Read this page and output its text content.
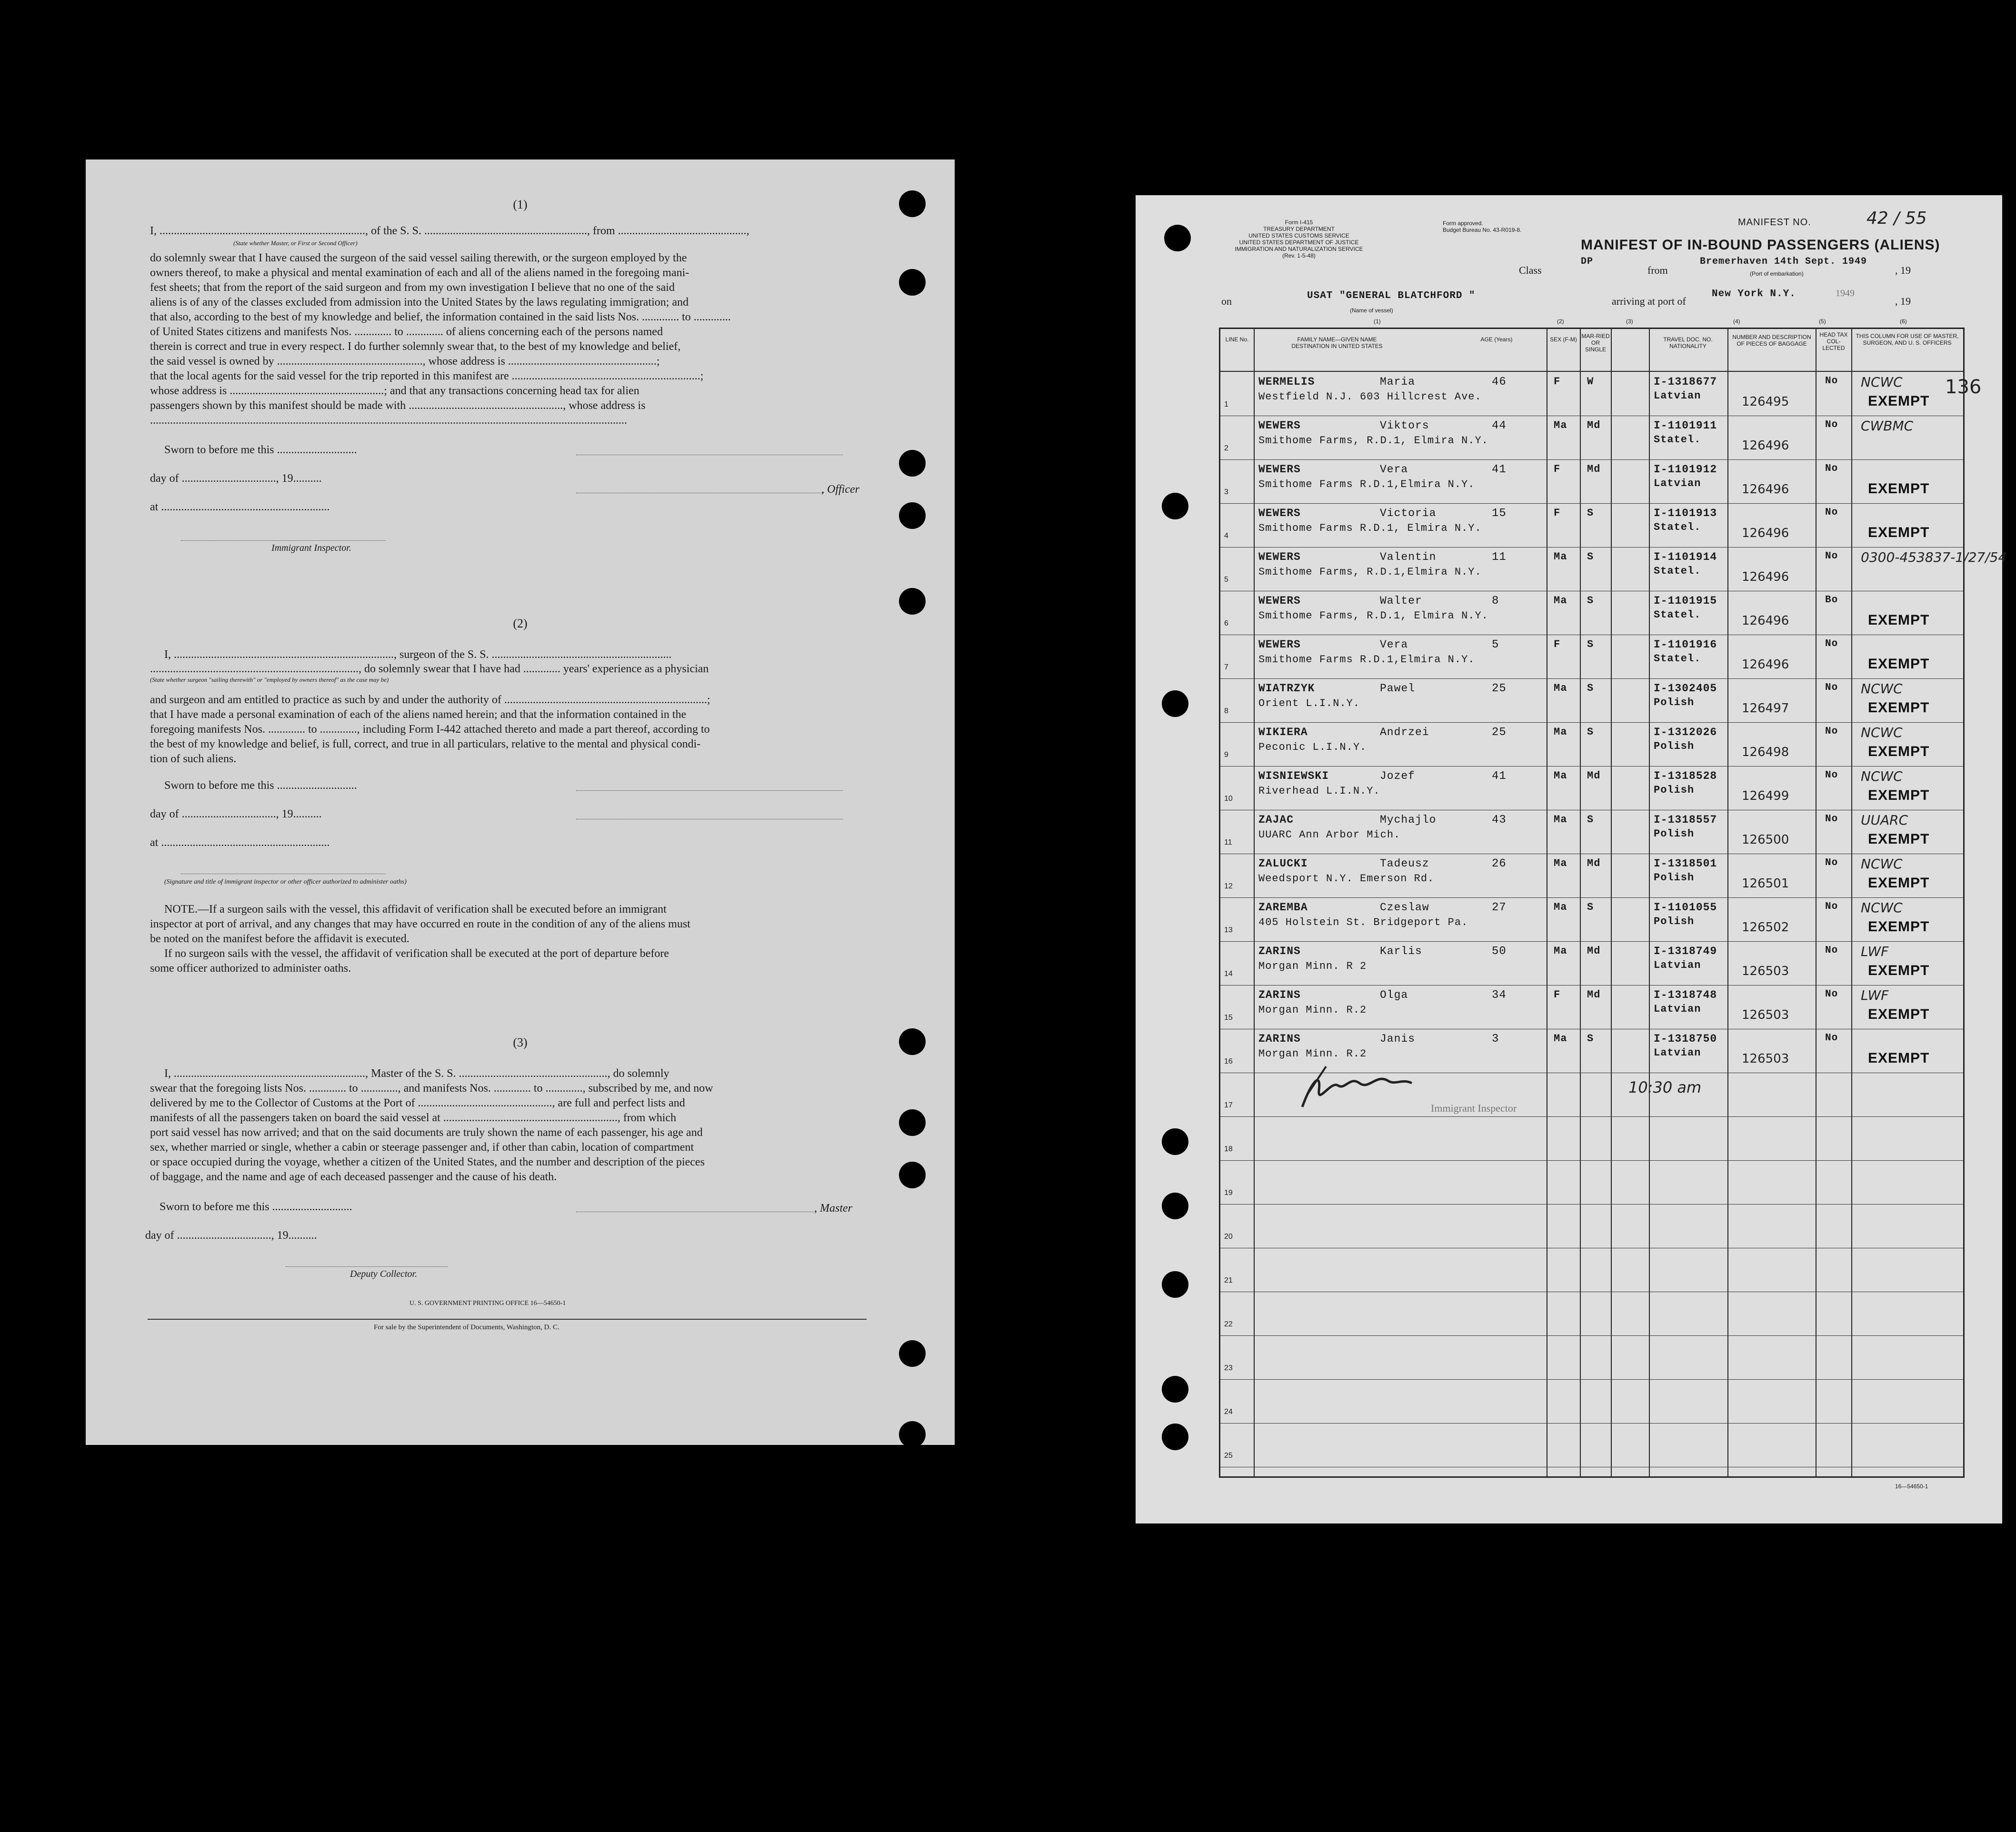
(1)
I, ........................................................................, of the S. S. ........................................................., from .............................................,
(State whether Master, or First or Second Officer)

do solemnly swear that I have caused the surgeon of the said vessel sailing therewith, or the surgeon employed by the

owners thereof, to make a physical and mental examination of each and all of the aliens named in the foregoing mani-

fest sheets; that from the report of the said surgeon and from my own investigation I believe that no one of the said

aliens is of any of the classes excluded from admission into the United States by the laws regulating immigration; and

that also, according to the best of my knowledge and belief, the information contained in the said lists Nos. ............. to .............

of United States citizens and manifests Nos. ............. to ............. of aliens concerning each of the persons named

therein is correct and true in every respect. I do further solemnly swear that, to the best of my knowledge and belief,

the said vessel is owned by ..................................................., whose address is ....................................................;

that the local agents for the said vessel for the trip reported in this manifest are ..................................................................;

whose address is ......................................................; and that any transactions concerning head tax for alien

passengers shown by this manifest should be made with ......................................................, whose address is

.......................................................................................................................................................................

Sworn to before me this ............................
day of ................................., 19..........
, Officer
at ...........................................................
Immigrant Inspector.
(2)
I, ............................................................................., surgeon of the S. S. ...............................................................
........................................................................., do solemnly swear that I have had ............. years' experience as a physician
(State whether surgeon "sailing therewith" or "employed by owners thereof" as the case may be)

and surgeon and am entitled to practice as such by and under the authority of .......................................................................;

that I have made a personal examination of each of the aliens named herein; and that the information contained in the

foregoing manifests Nos. ............. to ............., including Form I-442 attached thereto and made a part thereof, according to

the best of my knowledge and belief, is full, correct, and true in all particulars, relative to the mental and physical condi-

tion of such aliens.

Sworn to before me this ............................
day of ................................., 19..........
at ...........................................................
(Signature and title of immigrant inspector or other officer authorized to administer oaths)

NOTE.—If a surgeon sails with the vessel, this affidavit of verification shall be executed before an immigrant

inspector at port of arrival, and any changes that may have occurred en route in the condition of any of the aliens must

be noted on the manifest before the affidavit is executed.

If no surgeon sails with the vessel, the affidavit of verification shall be executed at the port of departure before

some officer authorized to administer oaths.

(3)

I, ..................................................................., Master of the S. S. ...................................................., do solemnly

swear that the foregoing lists Nos. ............. to ............., and manifests Nos. ............. to ............., subscribed by me, and now

delivered by me to the Collector of Customs at the Port of ..............................................., are full and perfect lists and

manifests of all the passengers taken on board the said vessel at ............................................................., from which

port said vessel has now arrived; and that on the said documents are truly shown the name of each passenger, his age and

sex, whether married or single, whether a cabin or steerage passenger and, if other than cabin, location of compartment

or space occupied during the voyage, whether a citizen of the United States, and the number and description of the pieces

of baggage, and the name and age of each deceased passenger and the cause of his death.

Sworn to before me this ............................	, Master
day of ................................., 19..........
Deputy Collector.
U. S. GOVERNMENT PRINTING OFFICE 16—54650-1
For sale by the Superintendent of Documents, Washington, D. C.
Form I-415
TREASURY DEPARTMENT
UNITED STATES CUSTOMS SERVICE
UNITED STATES DEPARTMENT OF JUSTICE
IMMIGRATION AND NATURALIZATION SERVICE
(Rev. 1-5-48)
Form approved.
Budget Bureau No. 43-R019-8.
MANIFEST NO.	42 / 55
MANIFEST OF IN-BOUND PASSENGERS (ALIENS)
Class
DP
from
Bremerhaven 14th Sept. 1949
(Port of embarkation)	, 19
on	USAT "GENERAL BLATCHFORD "
(Name of vessel)
arriving at port of
New York N.Y.	1949
, 19
(1)	(2)	(3)	(4)	(5)	(6)
LINE No.	FAMILY NAME—GIVEN NAME
DESTINATION IN UNITED STATES
AGE (Years)	SEX (F-M) MAR-RIED OR SINGLE
TRAVEL DOC. NO.
NATIONALITY
NUMBER AND DESCRIPTION OF PIECES OF BAGGAGE
HEAD TAX COL-LECTED
THIS COLUMN FOR USE OF MASTER, SURGEON, AND U. S. OFFICERS
1
WERMELIS	Maria
Westfield N.J. 603 Hillcrest Ave.
46	F	W	I-1318677
Latvian	126495
No NCWC
EXEMPT
2
WEWERS	Viktors
Smithome Farms, R.D.1, Elmira N.Y.
44	Ma Md	I-1101911
Statel.	126496
No CWBMC
3
WEWERS	Vera
Smithome Farms R.D.1,Elmira N.Y.
41	F	Md	I-1101912
Latvian	126496
No
EXEMPT
4
WEWERS	Victoria
Smithome Farms R.D.1, Elmira N.Y.
15	F	S	I-1101913
Statel.	126496
No
EXEMPT
5
WEWERS	Valentin
Smithome Farms, R.D.1,Elmira N.Y.
11	Ma S	I-1101914
Statel.	126496
No 0300-453837-1/27/54
6
WEWERS	Walter
Smithome Farms, R.D.1, Elmira N.Y.
8	Ma S	I-1101915
Statel.	126496
Bo
EXEMPT
7
WEWERS	Vera
Smithome Farms R.D.1,Elmira N.Y.
5	F	S	I-1101916
Statel.	126496
No
EXEMPT
8
WIATRZYK	Pawel
Orient L.I.N.Y.
25	Ma S	I-1302405
Polish	126497
No NCWC
EXEMPT
9
WIKIERA	Andrzei
Peconic L.I.N.Y.
25	Ma S	I-1312026
Polish	126498
No NCWC
EXEMPT
10
WISNIEWSKI	Jozef
Riverhead L.I.N.Y.
41	Ma Md	I-1318528
Polish	126499
No NCWC
EXEMPT
11
ZAJAC	Mychajlo
UUARC Ann Arbor Mich.
43	Ma S	I-1318557
Polish	126500
No UUARC
EXEMPT
12
ZALUCKI	Tadeusz
Weedsport N.Y. Emerson Rd.
26	Ma Md	I-1318501
Polish	126501
No NCWC
EXEMPT
13
ZAREMBA	Czeslaw
405 Holstein St. Bridgeport Pa.
27	Ma S	I-1101055
Polish	126502
No NCWC
EXEMPT
14
ZARINS	Karlis
Morgan Minn. R 2
50	Ma Md	I-1318749
Latvian	126503
No LWF
EXEMPT
15
ZARINS	Olga
Morgan Minn. R.2
34	F	Md	I-1318748
Latvian	126503
No LWF
EXEMPT
16
ZARINS	Janis
Morgan Minn. R.2
3	Ma S	I-1318750
Latvian	126503
No
EXEMPT
17
18
19
20
21
22
23
24
25
136
10:30 am
Immigrant Inspector
16—54650-1
